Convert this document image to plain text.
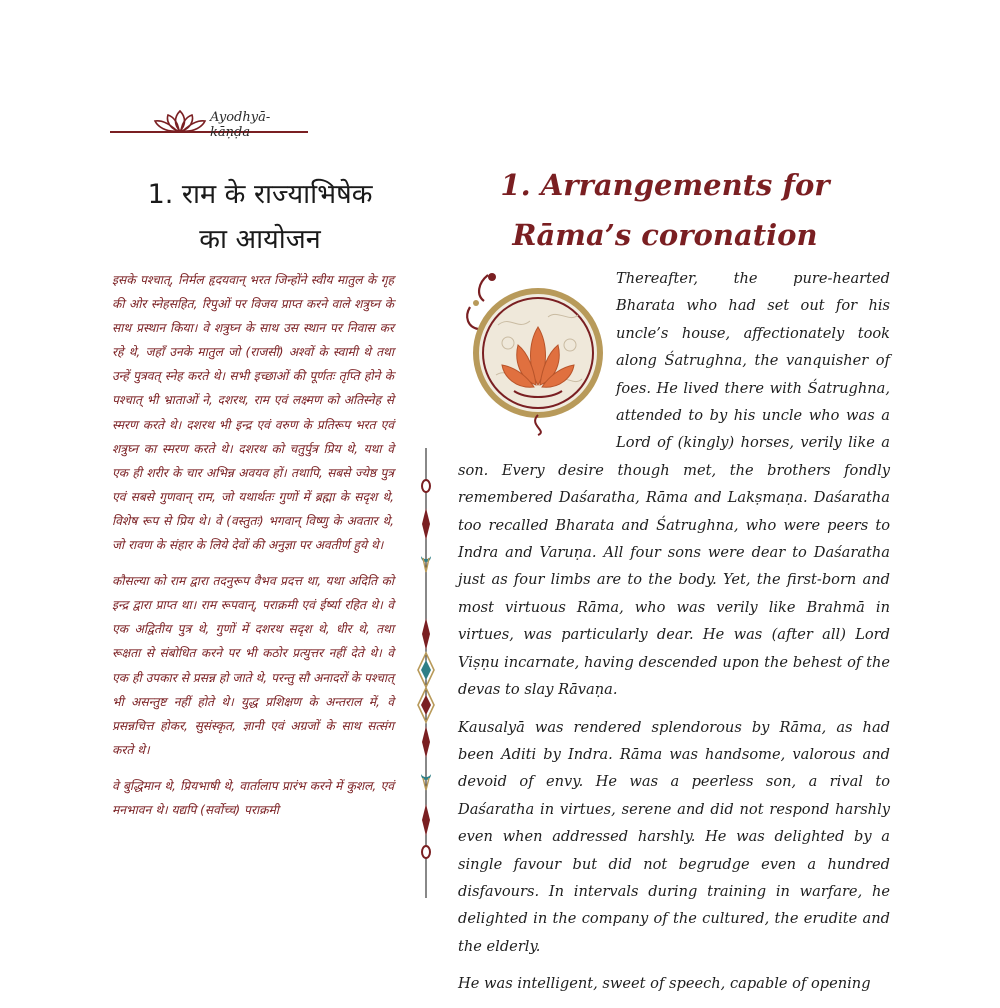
Ayodhyā-kāṇḍa
1. राम के राज्याभिषेक
का आयोजन
1. Arrangements for
Rāma’s coronation

इसके पश्चात्, निर्मल हृदयवान् भरत जिन्होंने स्वीय मातुल के गृह की ओर स्नेहसहित, रिपुओं पर विजय प्राप्त करने वाले शत्रुघ्न के साथ प्रस्थान किया। वे शत्रुघ्न के साथ उस स्थान पर निवास कर रहे थे, जहाँ उनके मातुल जो (राजसी) अश्वों के स्वामी थे तथा उन्हें पुत्रवत् स्नेह करते थे। सभी इच्छाओं की पूर्णतः तृप्ति होने के पश्चात् भी भ्राताओं ने, दशरथ, राम एवं लक्ष्मण को अतिस्नेह से स्मरण करते थे। दशरथ भी इन्द्र एवं वरुण के प्रतिरूप भरत एवं शत्रुघ्न का स्मरण करते थे। दशरथ को चतुर्पुत्र प्रिय थे, यथा वे एक ही शरीर के चार अभिन्न अवयव हों। तथापि, सबसे ज्येष्ठ पुत्र एवं सबसे गुणवान् राम, जो यथार्थतः गुणों में ब्रह्मा के सदृश थे, विशेष रूप से प्रिय थे। वे (वस्तुतः) भगवान् विष्णु के अवतार थे, जो रावण के संहार के लिये देवों की अनुज्ञा पर अवतीर्ण हुये थे।

कौसल्या को राम द्वारा तदनुरूप वैभव प्रदत्त था, यथा अदिति को इन्द्र द्वारा प्राप्त था। राम रूपवान्, पराक्रमी एवं ईर्ष्या रहित थे। वे एक अद्वितीय पुत्र थे, गुणों में दशरथ सदृश थे, धीर थे, तथा रूक्षता से संबोधित करने पर भी कठोर प्रत्युत्तर नहीं देते थे। वे एक ही उपकार से प्रसन्न हो जाते थे, परन्तु सौ अनादरों के पश्चात् भी असन्तुष्ट नहीं होते थे। युद्ध प्रशिक्षण के अन्तराल में, वे प्रसन्नचित्त होकर, सुसंस्कृत, ज्ञानी एवं अग्रजों के साथ सत्संग करते थे।

वे बुद्धिमान थे, प्रियभाषी थे, वार्तालाप प्रारंभ करने में कुशल, एवं मनभावन थे। यद्यपि (सर्वोच्च) पराक्रमी

Thereafter, the pure-hearted Bharata who had set out for his uncle’s house, affectionately took along Śatrughna, the vanquisher of foes. He lived there with Śatrughna, attended to by his uncle who was a Lord of (kingly) horses, verily like a son. Every desire though met, the brothers fondly remembered Daśaratha, Rāma and Lakṣmaṇa. Daśaratha too recalled Bharata and Śatrughna, who were peers to Indra and Varuṇa. All four sons were dear to Daśaratha just as four limbs are to the body. Yet, the first-born and most virtuous Rāma, who was verily like Brahmā in virtues, was particularly dear. He was (after all) Lord Viṣṇu incarnate, having descended upon the behest of the devas to slay Rāvaṇa.

Kausalyā was rendered splendorous by Rāma, as had been Aditi by Indra. Rāma was handsome, valorous and devoid of envy. He was a peerless son, a rival to Daśaratha in virtues, serene and did not respond harshly even when addressed harshly. He was delighted by a single favour but did not begrudge even a hundred disfavours. In intervals during training in warfare, he delighted in the company of the cultured, the erudite and the elderly.

He was intelligent, sweet of speech, capable of opening
